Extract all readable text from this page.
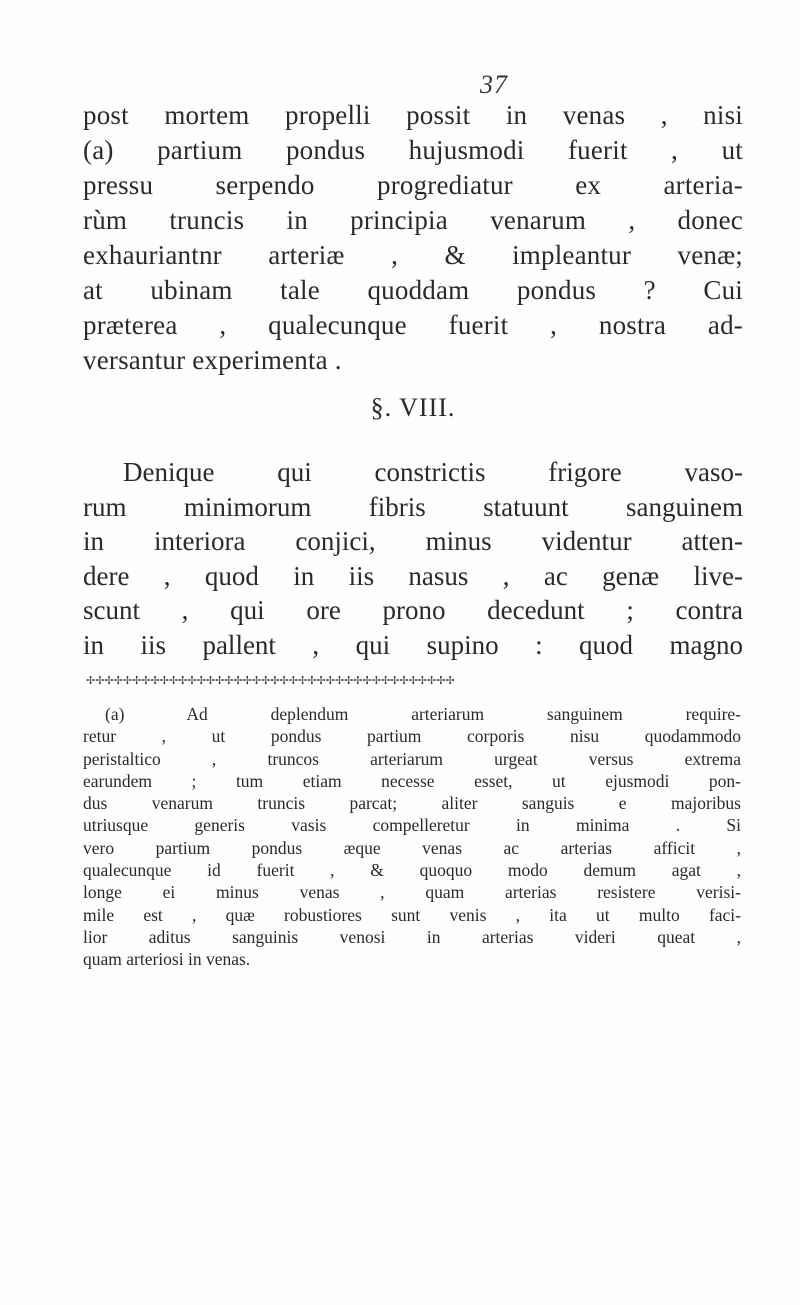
37
post mortem propelli possit in venas , nisi
(a) partium pondus hujusmodi fuerit , ut
pressu serpendo progrediatur ex arteria-
rùm truncis in principia venarum , donec
exhauriantnr arteriæ , & impleantur venæ;
at ubinam tale quoddam pondus ? Cui
præterea , qualecunque fuerit , nostra ad-
versantur experimenta .
§. VIII.
Denique qui constrictis frigore vaso-
rum minimorum fibris statuunt sanguinem
in interiora conjici, minus videntur atten-
dere , quod in iis nasus , ac genæ live-
scunt , qui ore prono decedunt ; contra
in iis pallent , qui supino : quod magno
✢✢✢✢✢✢✢✢✢✢✢✢✢✢✢✢✢✢✢✢✢✢✢✢✢✢✢✢✢✢✢✢✢✢✢✢✢✢✢✢
(a) Ad deplendum arteriarum sanguinem require-
retur , ut pondus partium corporis nisu quodammodo
peristaltico , truncos arteriarum urgeat versus extrema
earundem ; tum etiam necesse esset, ut ejusmodi pon-
dus venarum truncis parcat; aliter sanguis e majoribus
utriusque generis vasis compelleretur in minima . Si
vero partium pondus æque venas ac arterias afficit ,
qualecunque id fuerit , & quoquo modo demum agat ,
longe ei minus venas , quam arterias resistere verisi-
mile est , quæ robustiores sunt venis , ita ut multo faci-
lior aditus sanguinis venosi in arterias videri queat ,
quam arteriosi in venas.
